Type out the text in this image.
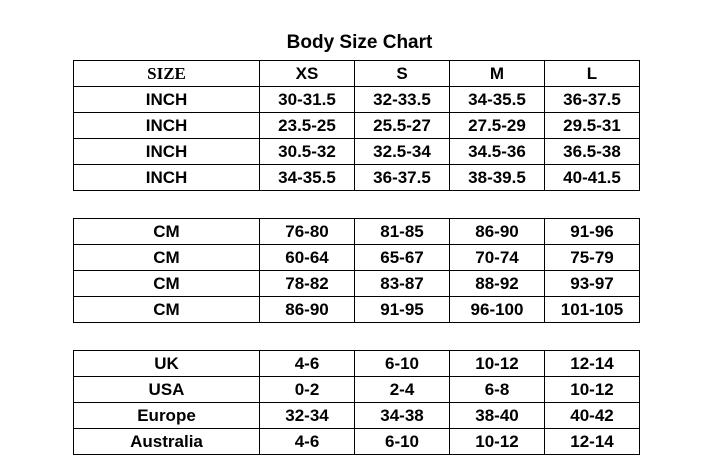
Body Size Chart
SIZE	XS	S	M	L
INCH	30-31.5	32-33.5	34-35.5	36-37.5
INCH	23.5-25	25.5-27	27.5-29	29.5-31
INCH	30.5-32	32.5-34	34.5-36	36.5-38
INCH	34-35.5	36-37.5	38-39.5	40-41.5
CM	76-80	81-85	86-90	91-96
CM	60-64	65-67	70-74	75-79
CM	78-82	83-87	88-92	93-97
CM	86-90	91-95	96-100	101-105
UK	4-6	6-10	10-12	12-14
USA	0-2	2-4	6-8	10-12
Europe	32-34	34-38	38-40	40-42
Australia	4-6	6-10	10-12	12-14
